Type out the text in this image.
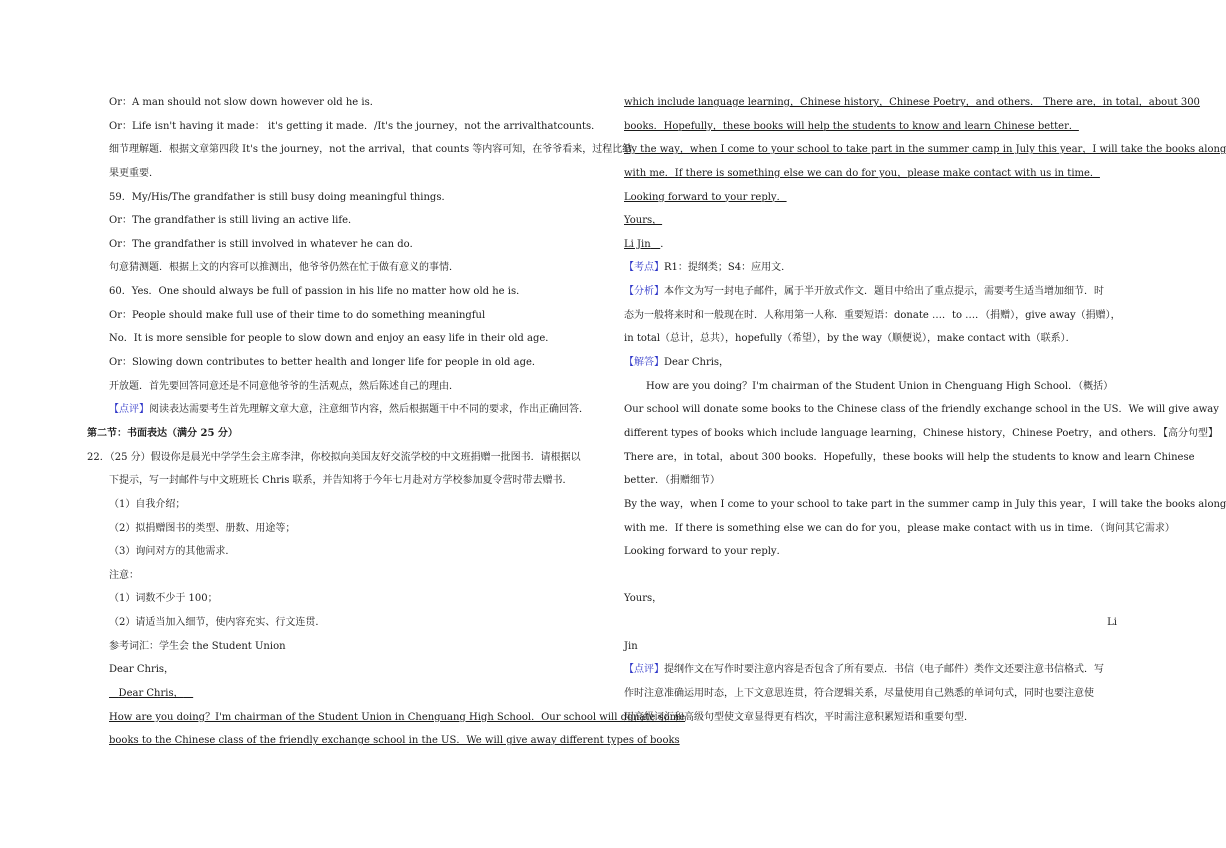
Or：A man should not slow down however old he is．
Or：Life isn't having it made： it's getting it made．/It's the journey，not the arrivalthatcounts．
细节理解题．根据文章第四段 It's the journey，not the arrival，that counts 等内容可知，在爷爷看来，过程比结
果更重要．
59．My/His/The grandfather is still busy doing meaningful things．
Or：The grandfather is still living an active life．
Or：The grandfather is still involved in whatever he can do．
句意猜测题．根据上文的内容可以推测出，他爷爷仍然在忙于做有意义的事情．
60．Yes．One should always be full of passion in his life no matter how old he is．
Or：People should make full use of their time to do something meaningful
No．It is more sensible for people to slow down and enjoy an easy life in their old age．
Or：Slowing down contributes to better health and longer life for people in old age．
开放题．首先要回答同意还是不同意他爷爷的生活观点，然后陈述自己的理由．
【点评】阅读表达需要考生首先理解文章大意，注意细节内容，然后根据题干中不同的要求，作出正确回答．
第二节：书面表达（满分 25 分）
22．（25 分）假设你是晨光中学学生会主席李津，你校拟向美国友好交流学校的中文班捐赠一批图书．请根据以
下提示，写一封邮件与中文班班长 Chris 联系，并告知将于今年七月赴对方学校参加夏令营时带去赠书．
（1）自我介绍；
（2）拟捐赠图书的类型、册数、用途等；
（3）询问对方的其他需求．
注意：
（1）词数不少于 100；
（2）请适当加入细节，使内容充实、行文连贯．
参考词汇：学生会 the Student Union
Dear Chris，
Dear Chris，
How are you doing？I'm chairman of the Student Union in Chenguang High School．Our school will donate some
books to the Chinese class of the friendly exchange school in the US．We will give away different types of books
which include language learning，Chinese history，Chinese Poetry，and others． There are，in total，about 300
books．Hopefully，these books will help the students to know and learn Chinese better．
By the way，when I come to your school to take part in the summer camp in July this year，I will take the books along
with me．If there is something else we can do for you，please make contact with us in time．
Looking forward to your reply．
Yours，
Li Jin ．
【考点】R1：提纲类；S4：应用文．
【分析】本作文为写一封电子邮件，属于半开放式作文．题目中给出了重点提示，需要考生适当增加细节．时
态为一般将来时和一般现在时．人称用第一人称．重要短语：donate …．to …．（捐赠），give away（捐赠），
in total（总计，总共），hopefully（希望），by the way（顺便说），make contact with（联系）．
【解答】Dear Chris，
How are you doing？I'm chairman of the Student Union in Chenguang High School．（概括）
Our school will donate some books to the Chinese class of the friendly exchange school in the US．We will give away
different types of books which include language learning，Chinese history，Chinese Poetry，and others．【高分句型】
There are，in total，about 300 books．Hopefully，these books will help the students to know and learn Chinese
better．（捐赠细节）
By the way，when I come to your school to take part in the summer camp in July this year，I will take the books along
with me．If there is something else we can do for you，please make contact with us in time．（询问其它需求）
Looking forward to your reply．
Yours，
Li
Jin
【点评】提纲作文在写作时要注意内容是否包含了所有要点．书信（电子邮件）类作文还要注意书信格式．写
作时注意准确运用时态，上下文意思连贯，符合逻辑关系，尽量使用自己熟悉的单词句式，同时也要注意使
用高级词汇和高级句型使文章显得更有档次，平时需注意积累短语和重要句型．
